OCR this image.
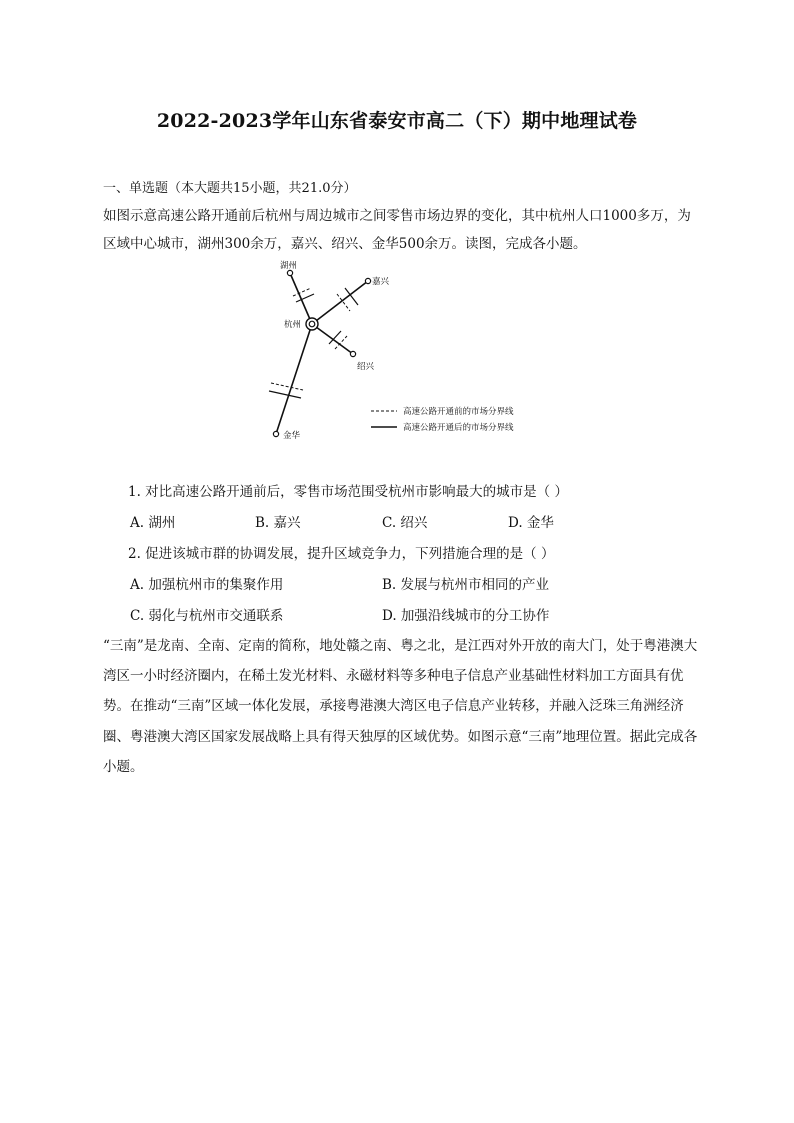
2022-2023学年山东省泰安市高二（下）期中地理试卷
一、单选题（本大题共15小题，共21.0分）
如图示意高速公路开通前后杭州与周边城市之间零售市场边界的变化，其中杭州人口1000多万，为区域中心城市，湖州300余万，嘉兴、绍兴、金华500余万。读图，完成各小题。
湖州
嘉兴
杭州
绍兴
金华
高速公路开通前的市场分界线
高速公路开通后的市场分界线
1. 对比高速公路开通前后，零售市场范围受杭州市影响最大的城市是（ ）
A. 湖州	B. 嘉兴	C. 绍兴	D. 金华
2. 促进该城市群的协调发展，提升区域竞争力，下列措施合理的是（ ）
A. 加强杭州市的集聚作用	B. 发展与杭州市相同的产业
C. 弱化与杭州市交通联系	D. 加强沿线城市的分工协作
“三南”是龙南、全南、定南的简称，地处赣之南、粤之北，是江西对外开放的南大门，处于粤港澳大湾区一小时经济圈内，在稀土发光材料、永磁材料等多种电子信息产业基础性材料加工方面具有优势。在推动“三南”区域一体化发展，承接粤港澳大湾区电子信息产业转移，并融入泛珠三角洲经济圈、粤港澳大湾区国家发展战略上具有得天独厚的区域优势。如图示意“三南”地理位置。据此完成各小题。
